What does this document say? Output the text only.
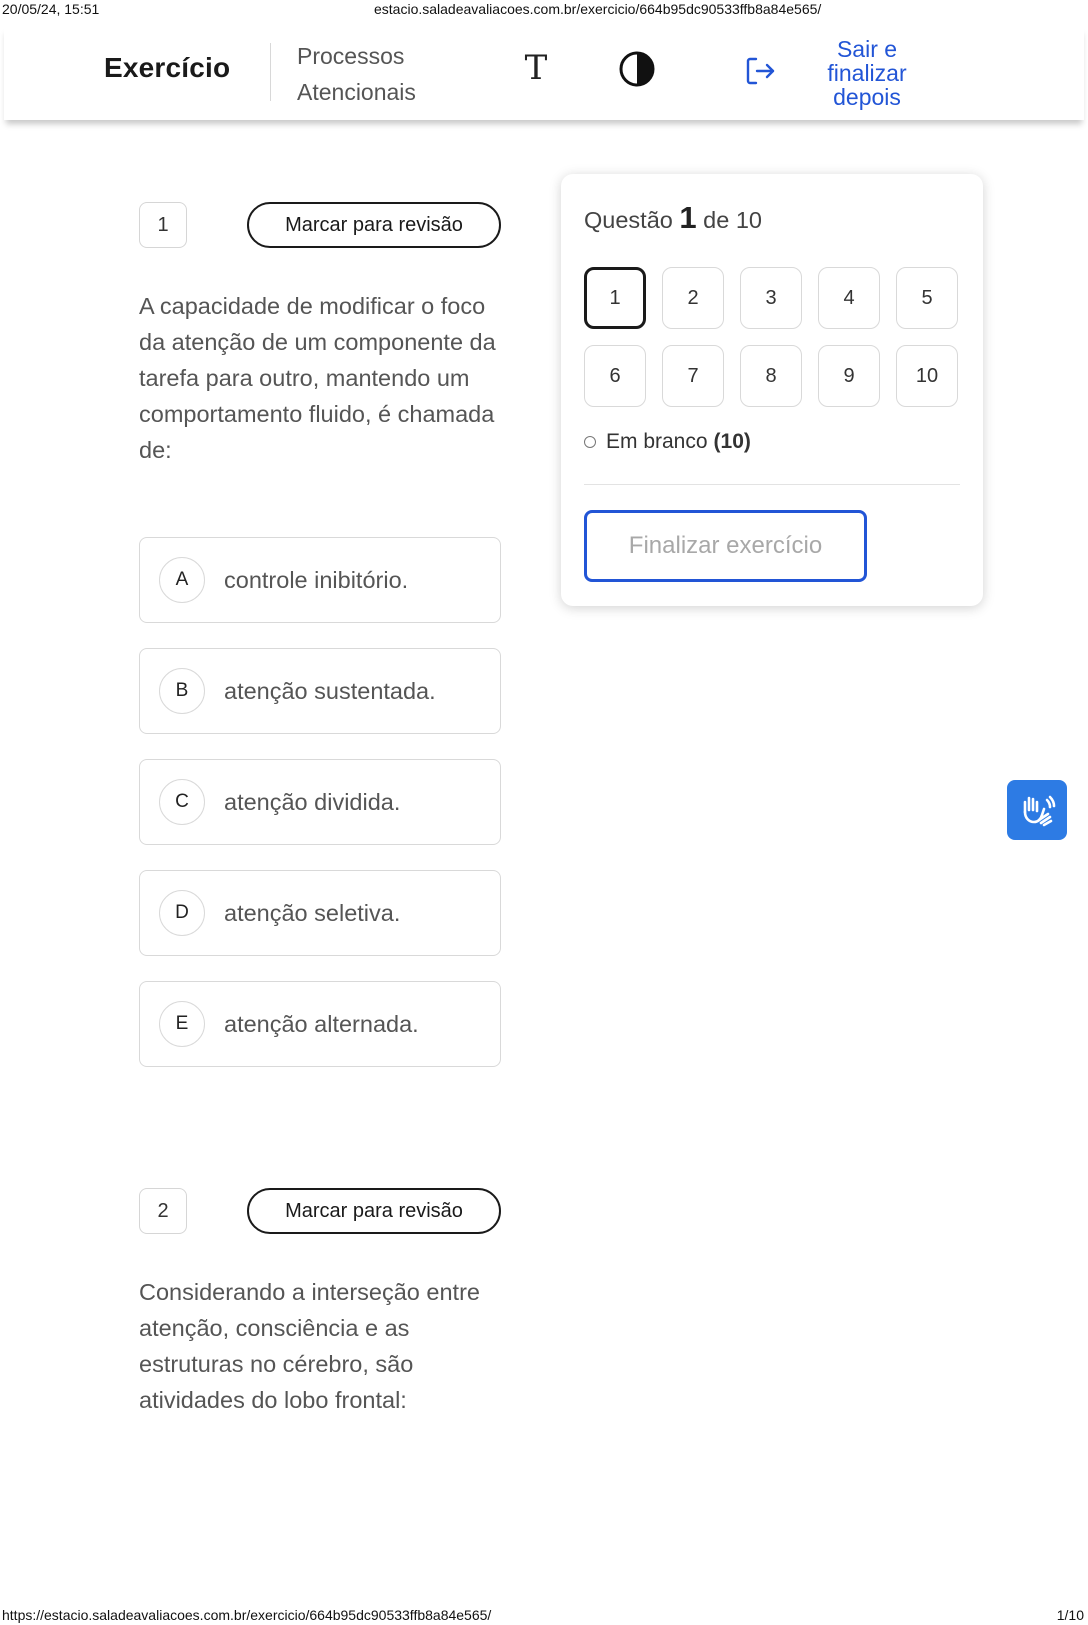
20/05/24, 15:51	estacio.saladeavaliacoes.com.br/exercicio/664b95dc90533ffb8a84e565/
Exercício	Processos Atencionais
T	Sair e finalizar depois
1	Marcar para revisão
A capacidade de modificar o foco da atenção de um componente da tarefa para outro, mantendo um comportamento fluido, é chamada de:
A	controle inibitório.
B	atenção sustentada.
C	atenção dividida.
D	atenção seletiva.
E	atenção alternada.
2	Marcar para revisão
Considerando a interseção entre atenção, consciência e as estruturas no cérebro, são atividades do lobo frontal:
Questão 1 de 10
1	2	3	4	5
6	7	8	9	10
Em branco (10)
Finalizar exercício
https://estacio.saladeavaliacoes.com.br/exercicio/664b95dc90533ffb8a84e565/	1/10
